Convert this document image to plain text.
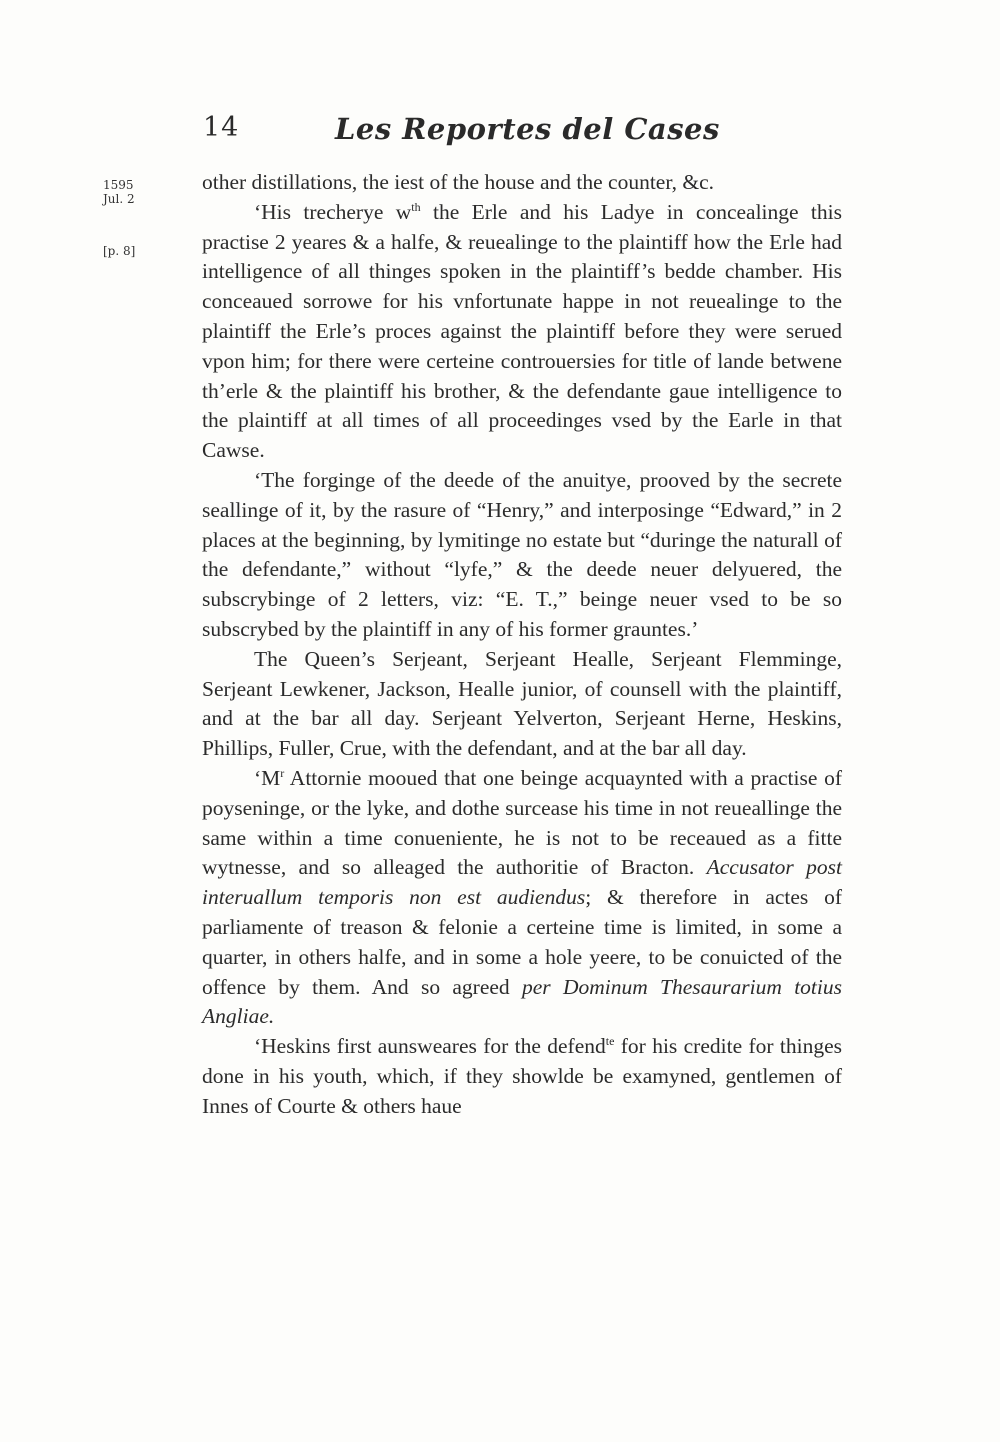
14	Les Reportes del Cases
1595
Jul. 2
[p. 8]

other distillations, the iest of the house and the counter, &c.

‘His trecherye $w^{th}$ the Erle and his Ladye in concealinge this practise 2 yeares & a halfe, & reuealinge to the plaintiff how the Erle had intelligence of all thinges spoken in the plaintiff’s bedde chamber. His conceaued sorrowe for his vnfortunate happe in not reuealinge to the plaintiff the Erle’s proces against the plaintiff before they were serued vpon him; for there were certeine controuersies for title of lande betwene th’erle & the plaintiff his brother, & the defendante gaue intelligence to the plaintiff at all times of all proceedinges vsed by the Earle in that Cawse.

‘The forginge of the deede of the anuitye, prooved by the secrete seallinge of it, by the rasure of “Henry,” and interposinge “Edward,” in 2 places at the beginning, by lymitinge no estate but “duringe the naturall of the defendante,” without “lyfe,” & the deede neuer delyuered, the subscrybinge of 2 letters, viz: “E. T.,” beinge neuer vsed to be so subscrybed by the plaintiff in any of his former grauntes.’

The Queen’s Serjeant, Serjeant Healle, Serjeant Flemminge, Serjeant Lewkener, Jackson, Healle junior, of counsell with the plaintiff, and at the bar all day. Serjeant Yelverton, Serjeant Herne, Heskins, Phillips, Fuller, Crue, with the defendant, and at the bar all day.

‘$M^r$ Attornie mooued that one beinge acquaynted with a practise of poyseninge, or the lyke, and dothe surcease his time in not reueallinge the same within a time conueniente, he is not to be receaued as a fitte wytnesse, and so alleaged the authoritie of Bracton. Accusator post interuallum temporis non est audiendus; & therefore in actes of parliamente of treason & felonie a certeine time is limited, in some a quarter, in others halfe, and in some a hole yeere, to be conuicted of the offence by them. And so agreed per Dominum Thesaurarium totius Angliae.

‘Heskins first aunsweares for the defend$^{te}$ for his credite for thinges done in his youth, which, if they showlde be examyned, gentlemen of Innes of Courte & others haue
